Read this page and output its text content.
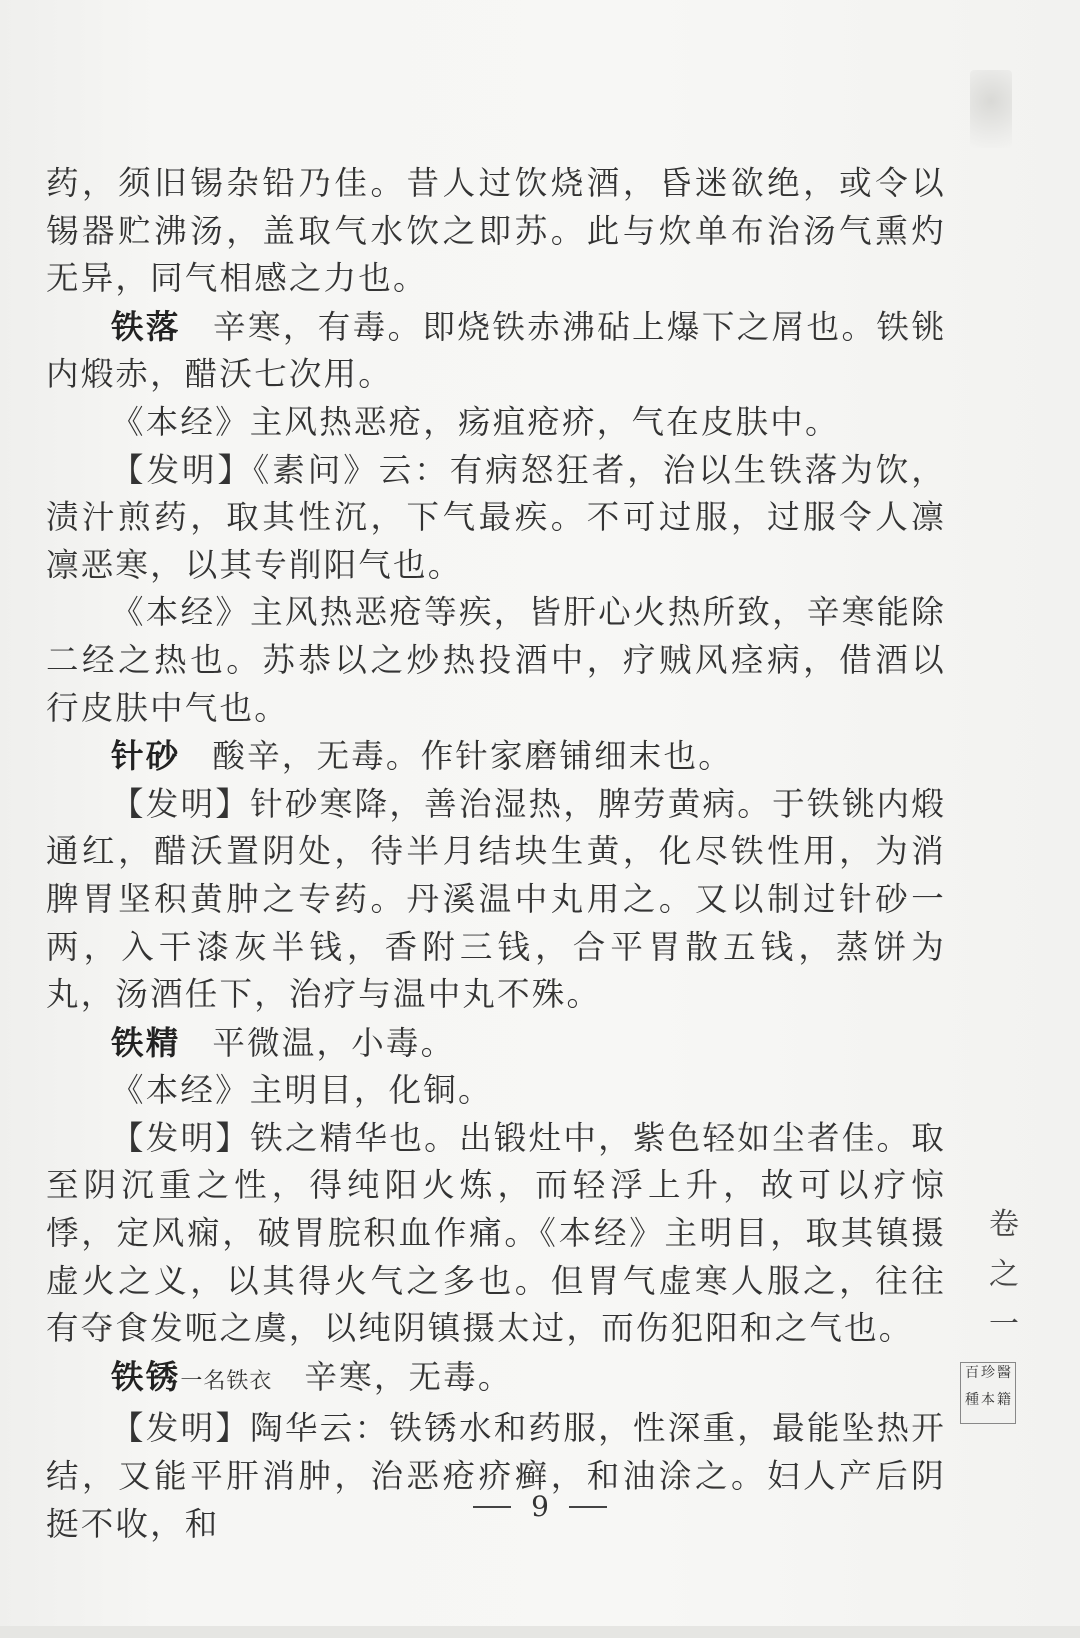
药，须旧锡杂铅乃佳。昔人过饮烧酒，昏迷欲绝，或令以锡器贮沸汤，盖取气水饮之即苏。此与炊单布治汤气熏灼无异，同气相感之力也。

铁落 辛寒，有毒。即烧铁赤沸砧上爆下之屑也。铁铫内煅赤，醋沃七次用。

《本经》主风热恶疮，疡疽疮疥，气在皮肤中。

【发明】《素问》云：有病怒狂者，治以生铁落为饮，渍汁煎药，取其性沉，下气最疾。不可过服，过服令人凛凛恶寒，以其专削阳气也。

《本经》主风热恶疮等疾，皆肝心火热所致，辛寒能除二经之热也。苏恭以之炒热投酒中，疗贼风痉病，借酒以行皮肤中气也。

针砂 酸辛，无毒。作针家磨铺细末也。

【发明】针砂寒降，善治湿热，脾劳黄病。于铁铫内煅通红，醋沃置阴处，待半月结块生黄，化尽铁性用，为消脾胃坚积黄肿之专药。丹溪温中丸用之。又以制过针砂一两，入干漆灰半钱，香附三钱，合平胃散五钱，蒸饼为丸，汤酒任下，治疗与温中丸不殊。

铁精 平微温，小毒。

《本经》主明目，化铜。

【发明】铁之精华也。出锻灶中，紫色轻如尘者佳。取至阴沉重之性，得纯阳火炼，而轻浮上升，故可以疗惊悸，定风痫，破胃脘积血作痛。《本经》主明目，取其镇摄虚火之义，以其得火气之多也。但胃气虚寒人服之，往往有夺食发呃之虞，以纯阴镇摄太过，而伤犯阳和之气也。

铁锈一名铁衣 辛寒，无毒。

【发明】陶华云：铁锈水和药服，性深重，最能坠热开结，又能平肝消肿，治恶疮疥癣，和油涂之。妇人产后阴挺不收，和

卷
之
一
百 珍 醫
種 本 籍
9
